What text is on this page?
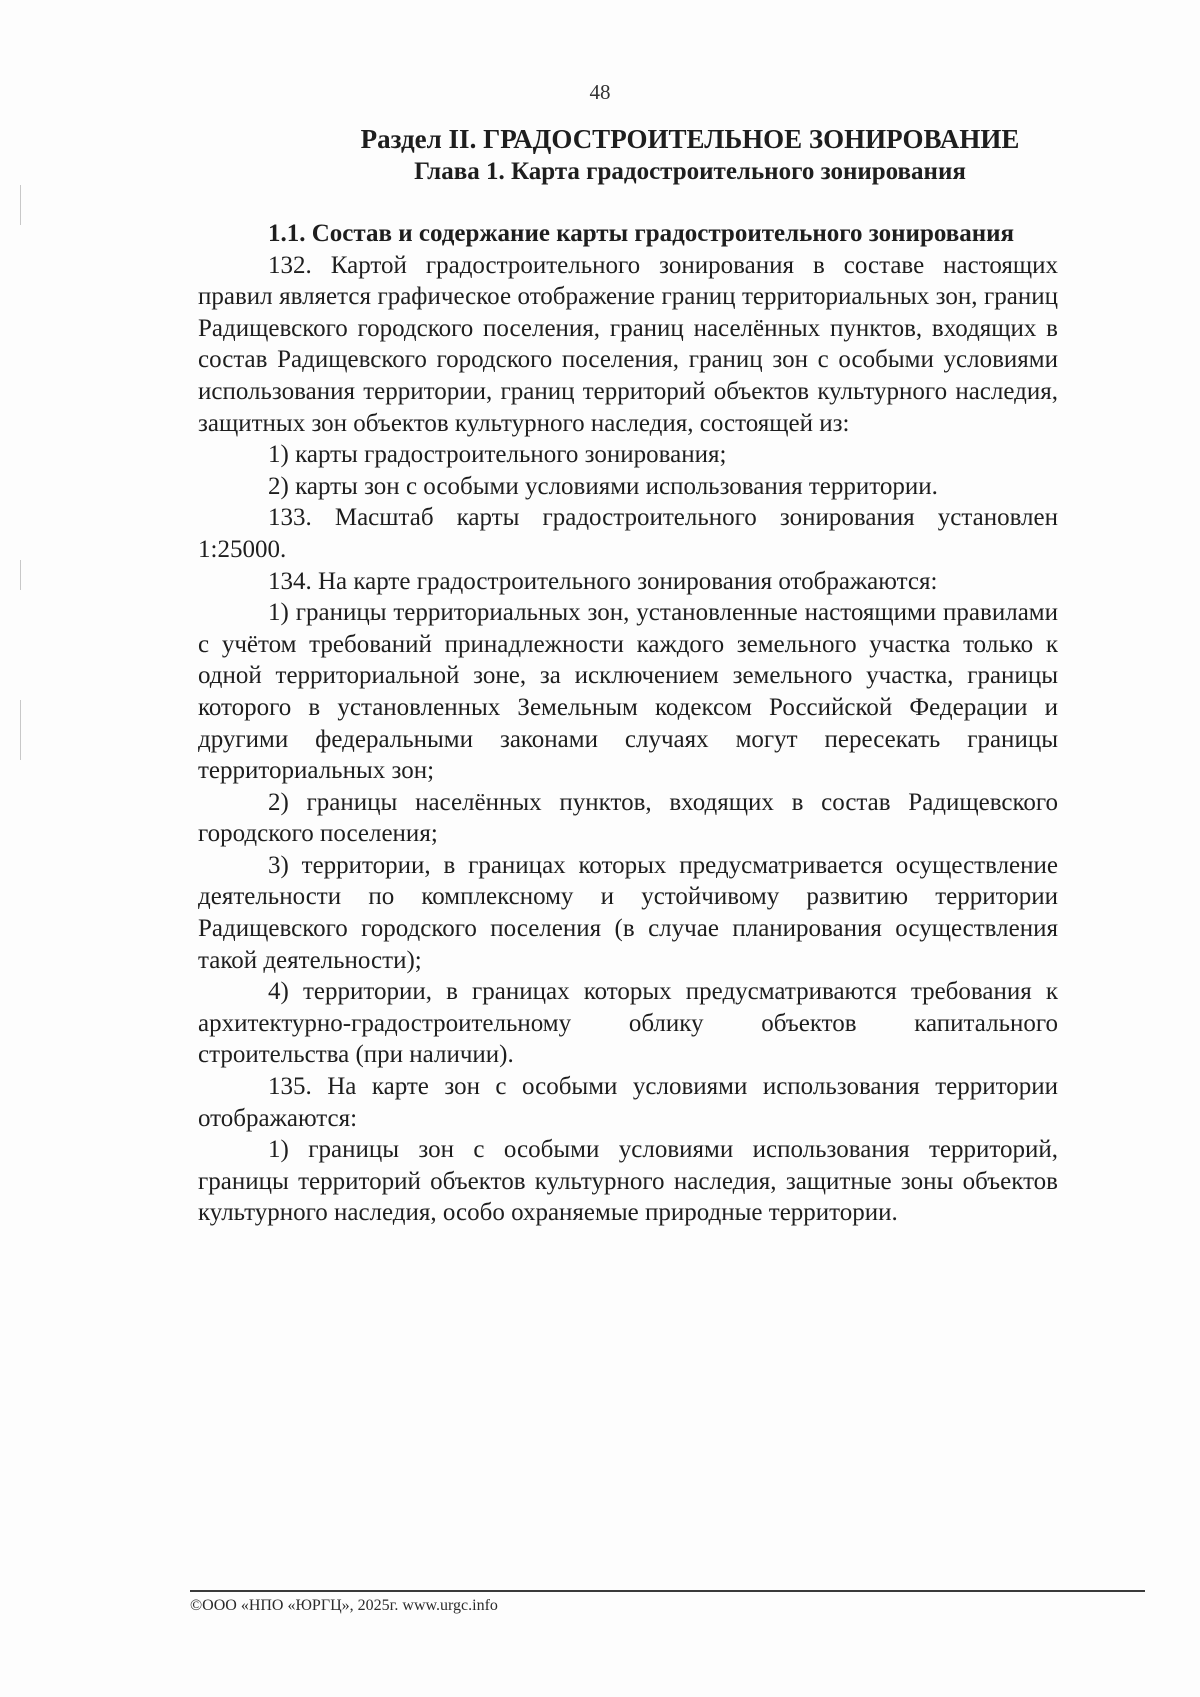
48
Раздел II. ГРАДОСТРОИТЕЛЬНОЕ ЗОНИРОВАНИЕ
Глава 1. Карта градостроительного зонирования

1.1. Состав и содержание карты градостроительного зонирования

132. Картой градостроительного зонирования в составе настоящих правил является графическое отображение границ территориальных зон, границ Радищевского городского поселения, границ населённых пунктов, входящих в состав Радищевского городского поселения, границ зон с особыми условиями использования территории, границ территорий объектов культурного наследия, защитных зон объектов культурного наследия, состоящей из:

1) карты градостроительного зонирования;

2) карты зон с особыми условиями использования территории.

133. Масштаб карты градостроительного зонирования установлен 1:25000.

134. На карте градостроительного зонирования отображаются:

1) границы территориальных зон, установленные настоящими правилами с учётом требований принадлежности каждого земельного участка только к одной территориальной зоне, за исключением земельного участка, границы которого в установленных Земельным кодексом Российской Федерации и другими федеральными законами случаях могут пересекать границы территориальных зон;

2) границы населённых пунктов, входящих в состав Радищевского городского поселения;

3) территории, в границах которых предусматривается осуществление деятельности по комплексному и устойчивому развитию территории Радищевского городского поселения (в случае планирования осуществления такой деятельности);

4) территории, в границах которых предусматриваются требования к архитектурно-градостроительному облику объектов капитального строительства (при наличии).

135. На карте зон с особыми условиями использования территории отображаются:

1) границы зон с особыми условиями использования территорий, границы территорий объектов культурного наследия, защитные зоны объектов культурного наследия, особо охраняемые природные территории.

©ООО «НПО «ЮРГЦ», 2025г. www.urgc.info
